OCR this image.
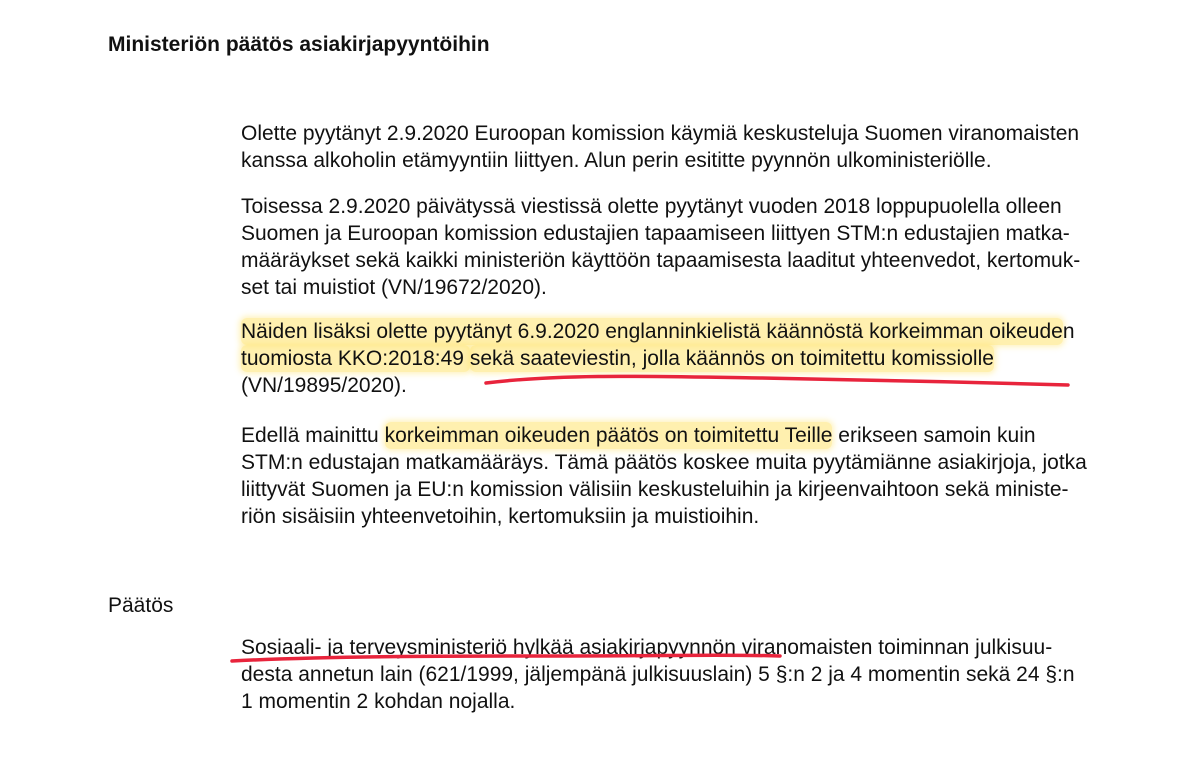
Ministeriön päätös asiakirjapyyntöihin

Olette pyytänyt 2.9.2020 Euroopan komission käymiä keskusteluja Suomen viranomaisten
kanssa alkoholin etämyyntiin liittyen. Alun perin esititte pyynnön ulkoministeriölle.

Toisessa 2.9.2020 päivätyssä viestissä olette pyytänyt vuoden 2018 loppupuolella olleen
Suomen ja Euroopan komission edustajien tapaamiseen liittyen STM:n edustajien matka-
määräykset sekä kaikki ministeriön käyttöön tapaamisesta laaditut yhteenvedot, kertomuk-
set tai muistiot (VN/19672/2020).

Näiden lisäksi olette pyytänyt 6.9.2020 englanninkielistä käännöstä korkeimman oikeuden
tuomiosta KKO:2018:49 sekä saateviestin, jolla käännös on toimitettu komissiolle
(VN/19895/2020).

Edellä mainittu korkeimman oikeuden päätös on toimitettu Teille erikseen samoin kuin
STM:n edustajan matkamääräys. Tämä päätös koskee muita pyytämiänne asiakirjoja, jotka
liittyvät Suomen ja EU:n komission välisiin keskusteluihin ja kirjeenvaihtoon sekä ministe-
riön sisäisiin yhteenvetoihin, kertomuksiin ja muistioihin.

Päätös

Sosiaali- ja terveysministeriö hylkää asiakirjapyynnön viranomaisten toiminnan julkisuu-
desta annetun lain (621/1999, jäljempänä julkisuuslain) 5 §:n 2 ja 4 momentin sekä 24 §:n
1 momentin 2 kohdan nojalla.
